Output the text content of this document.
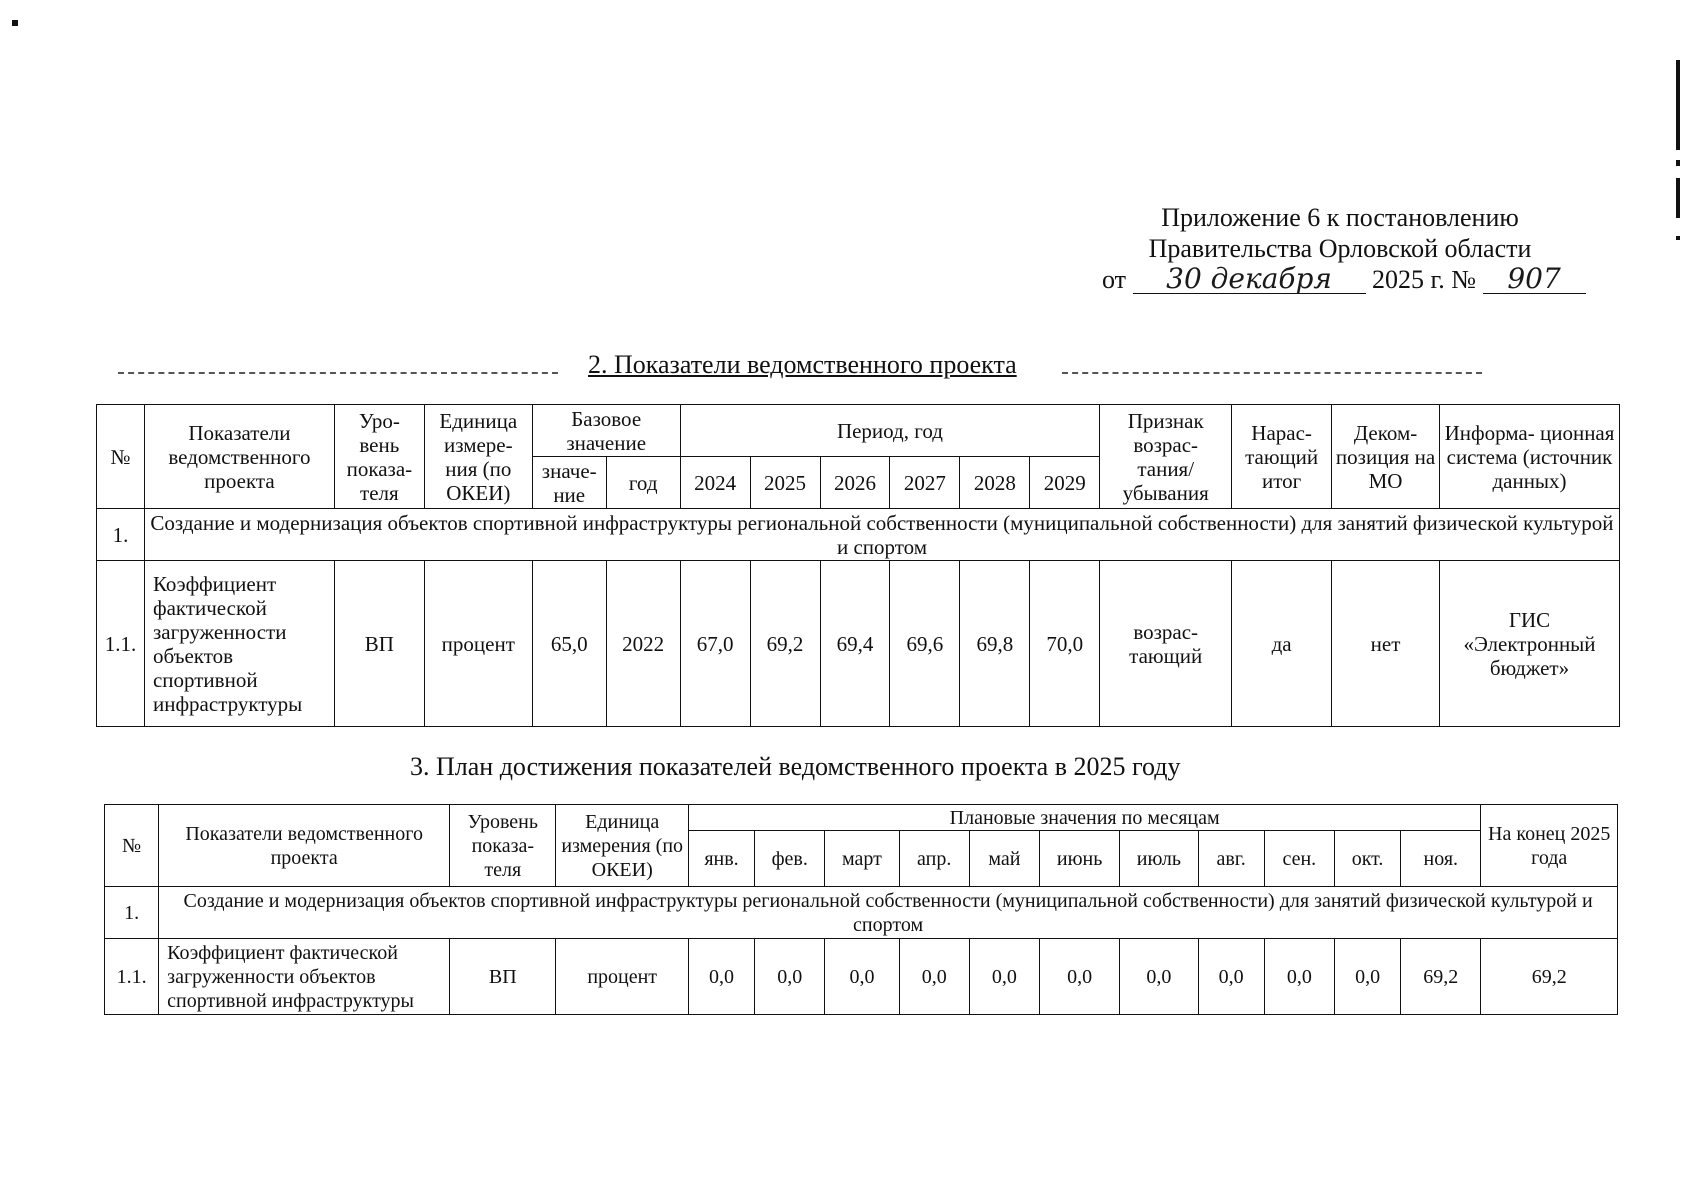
Приложение 6 к постановлению
Правительства Орловской области
от 30 декабря 2025 г. № 907
2. Показатели ведомственного проекта
№	Показатели ведомственного проекта	Уро- вень показа- теля	Единица измере- ния (по ОКЕИ)	Базовое значение		Период, год						Признак возрас- тания/ убывания	Нарас- тающий итог	Деком- позиция на МО	Информа- ционная система (источник данных)
				значе- ние	год	2024	2025	2026	2027	2028	2029				
1.	Создание и модернизация объектов спортивной инфраструктуры региональной собственности (муниципальной собственности) для занятий физической культурой и спортом														
1.1.	Коэффициент фактической загруженности объектов спортивной инфраструктуры	ВП	процент	65,0	2022	67,0	69,2	69,4	69,6	69,8	70,0	возрас- тающий	да	нет	ГИС «Электронный бюджет»
3. План достижения показателей ведомственного проекта в 2025 году
№	Показатели ведомственного проекта	Уровень показа- теля	Единица измерения (по ОКЕИ)	Плановые значения по месяцам											На конец 2025 года
				янв.	фев.	март	апр.	май	июнь	июль	авг.	сен.	окт.	ноя.	
1.	Создание и модернизация объектов спортивной инфраструктуры региональной собственности (муниципальной собственности) для занятий физической культурой и спортом														
1.1.	Коэффициент фактической загруженности объектов спортивной инфраструктуры	ВП	процент	0,0	0,0	0,0	0,0	0,0	0,0	0,0	0,0	0,0	0,0	69,2	69,2
